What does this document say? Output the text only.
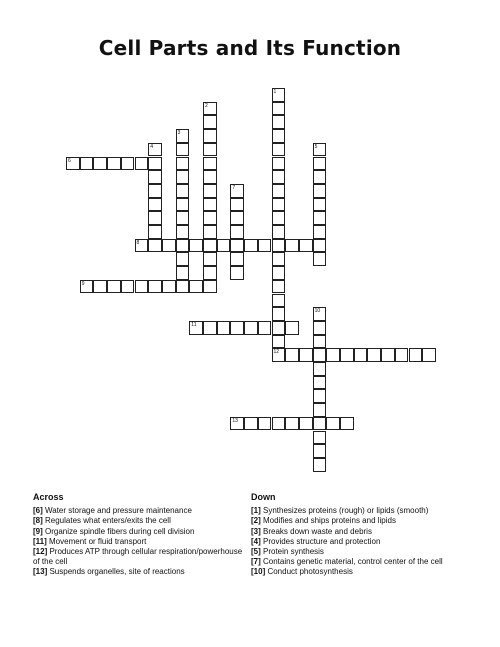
Cell Parts and Its Function
1
2
3
4	5
6
7
8
9
10
11
12
13
Across

[6] Water storage and pressure maintenance

[8] Regulates what enters/exits the cell

[9] Organize spindle fibers during cell division

[11] Movement or fluid transport

[12] Produces ATP through cellular respiration/powerhouse of the cell

[13] Suspends organelles, site of reactions

Down

[1] Synthesizes proteins (rough) or lipids (smooth)

[2] Modifies and ships proteins and lipids

[3] Breaks down waste and debris

[4] Provides structure and protection

[5] Protein synthesis

[7] Contains genetic material, control center of the cell

[10] Conduct photosynthesis
